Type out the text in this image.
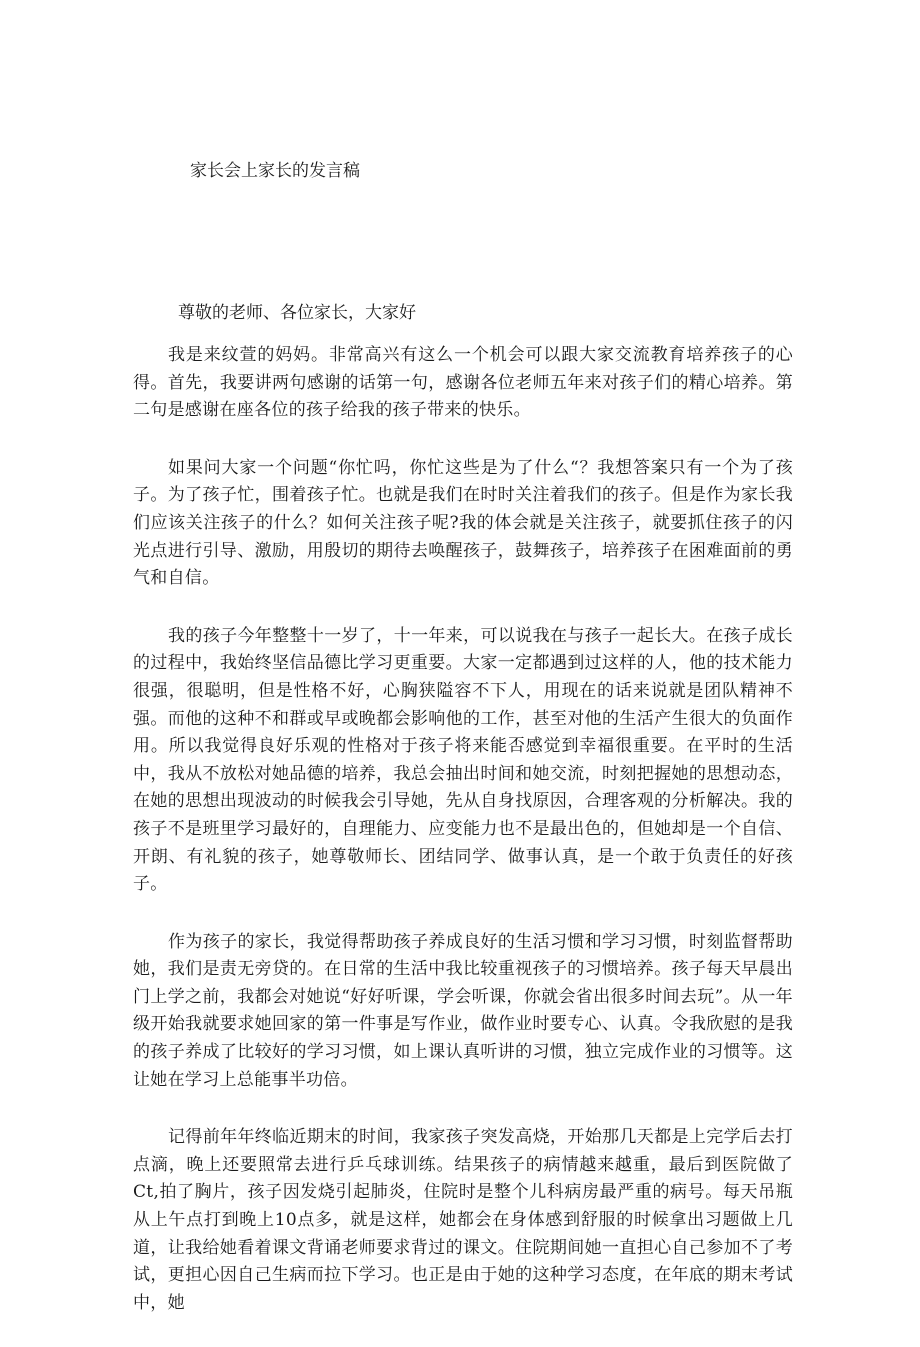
家长会上家长的发言稿

尊敬的老师、各位家长，大家好

我是来纹萱的妈妈。非常高兴有这么一个机会可以跟大家交流教育培养孩子的心得。首先，我要讲两句感谢的话第一句，感谢各位老师五年来对孩子们的精心培养。第二句是感谢在座各位的孩子给我的孩子带来的快乐。

如果问大家一个问题“你忙吗，你忙这些是为了什么“？我想答案只有一个为了孩子。为了孩子忙，围着孩子忙。也就是我们在时时关注着我们的孩子。但是作为家长我们应该关注孩子的什么？如何关注孩子呢?我的体会就是关注孩子，就要抓住孩子的闪光点进行引导、激励，用殷切的期待去唤醒孩子，鼓舞孩子，培养孩子在困难面前的勇气和自信。

我的孩子今年整整十一岁了，十一年来，可以说我在与孩子一起长大。在孩子成长的过程中，我始终坚信品德比学习更重要。大家一定都遇到过这样的人，他的技术能力很强，很聪明，但是性格不好，心胸狭隘容不下人，用现在的话来说就是团队精神不强。而他的这种不和群或早或晚都会影响他的工作，甚至对他的生活产生很大的负面作用。所以我觉得良好乐观的性格对于孩子将来能否感觉到幸福很重要。在平时的生活中，我从不放松对她品德的培养，我总会抽出时间和她交流，时刻把握她的思想动态，在她的思想出现波动的时候我会引导她，先从自身找原因，合理客观的分析解决。我的孩子不是班里学习最好的，自理能力、应变能力也不是最出色的，但她却是一个自信、开朗、有礼貌的孩子，她尊敬师长、团结同学、做事认真，是一个敢于负责任的好孩子。

作为孩子的家长，我觉得帮助孩子养成良好的生活习惯和学习习惯，时刻监督帮助她，我们是责无旁贷的。在日常的生活中我比较重视孩子的习惯培养。孩子每天早晨出门上学之前，我都会对她说“好好听课，学会听课，你就会省出很多时间去玩”。从一年级开始我就要求她回家的第一件事是写作业，做作业时要专心、认真。令我欣慰的是我的孩子养成了比较好的学习习惯，如上课认真听讲的习惯，独立完成作业的习惯等。这让她在学习上总能事半功倍。

记得前年年终临近期末的时间，我家孩子突发高烧，开始那几天都是上完学后去打点滴，晚上还要照常去进行乒乓球训练。结果孩子的病情越来越重，最后到医院做了Ct,拍了胸片，孩子因发烧引起肺炎，住院时是整个儿科病房最严重的病号。每天吊瓶从上午点打到晚上10点多，就是这样，她都会在身体感到舒服的时候拿出习题做上几道，让我给她看着课文背诵老师要求背过的课文。住院期间她一直担心自己参加不了考试，更担心因自己生病而拉下学习。也正是由于她的这种学习态度，在年底的期末考试中，她
